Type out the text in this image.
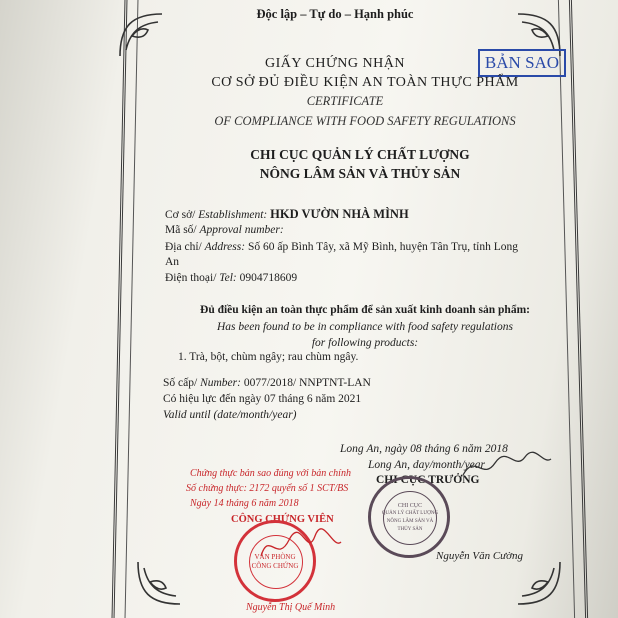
Độc lập – Tự do – Hạnh phúc
BẢN SAO
GIẤY CHỨNG NHẬN
CƠ SỞ ĐỦ ĐIỀU KIỆN AN TOÀN THỰC PHẨM
CERTIFICATE
OF COMPLIANCE WITH FOOD SAFETY REGULATIONS
CHI CỤC QUẢN LÝ CHẤT LƯỢNG
NÔNG LÂM SẢN VÀ THỦY SẢN
Cơ sở/ Establishment: HKD VƯỜN NHÀ MÌNH
Mã số/ Approval number:
Địa chỉ/ Address: Số 60 ấp Bình Tây, xã Mỹ Bình, huyện Tân Trụ, tỉnh Long
An
Điện thoại/ Tel: 0904718609
Đủ điều kiện an toàn thực phẩm để sản xuất kinh doanh sản phẩm:
Has been found to be in compliance with food safety regulations
for following products:
1. Trà, bột, chùm ngây; rau chùm ngây.
Số cấp/ Number: 0077/2018/ NNPTNT-LAN
Có hiệu lực đến ngày 07 tháng 6 năm 2021
Valid until (date/month/year)
Long An, ngày 08 tháng 6 năm 2018
Long An, day/month/year
CHI CỤC TRƯỞNG
Chứng thực bản sao đúng với bản chính
Số chứng thực: 2172 quyển số 1 SCT/BS
Ngày 14 tháng 6 năm 2018
CÔNG CHỨNG VIÊN
CHI CỤC
QUẢN LÝ CHẤT LƯỢNG
NÔNG LÂM SẢN VÀ
THỦY SẢN
Nguyễn Văn Cường
VĂN PHÒNG CÔNG CHỨNG
Nguyễn Thị Quế Minh
